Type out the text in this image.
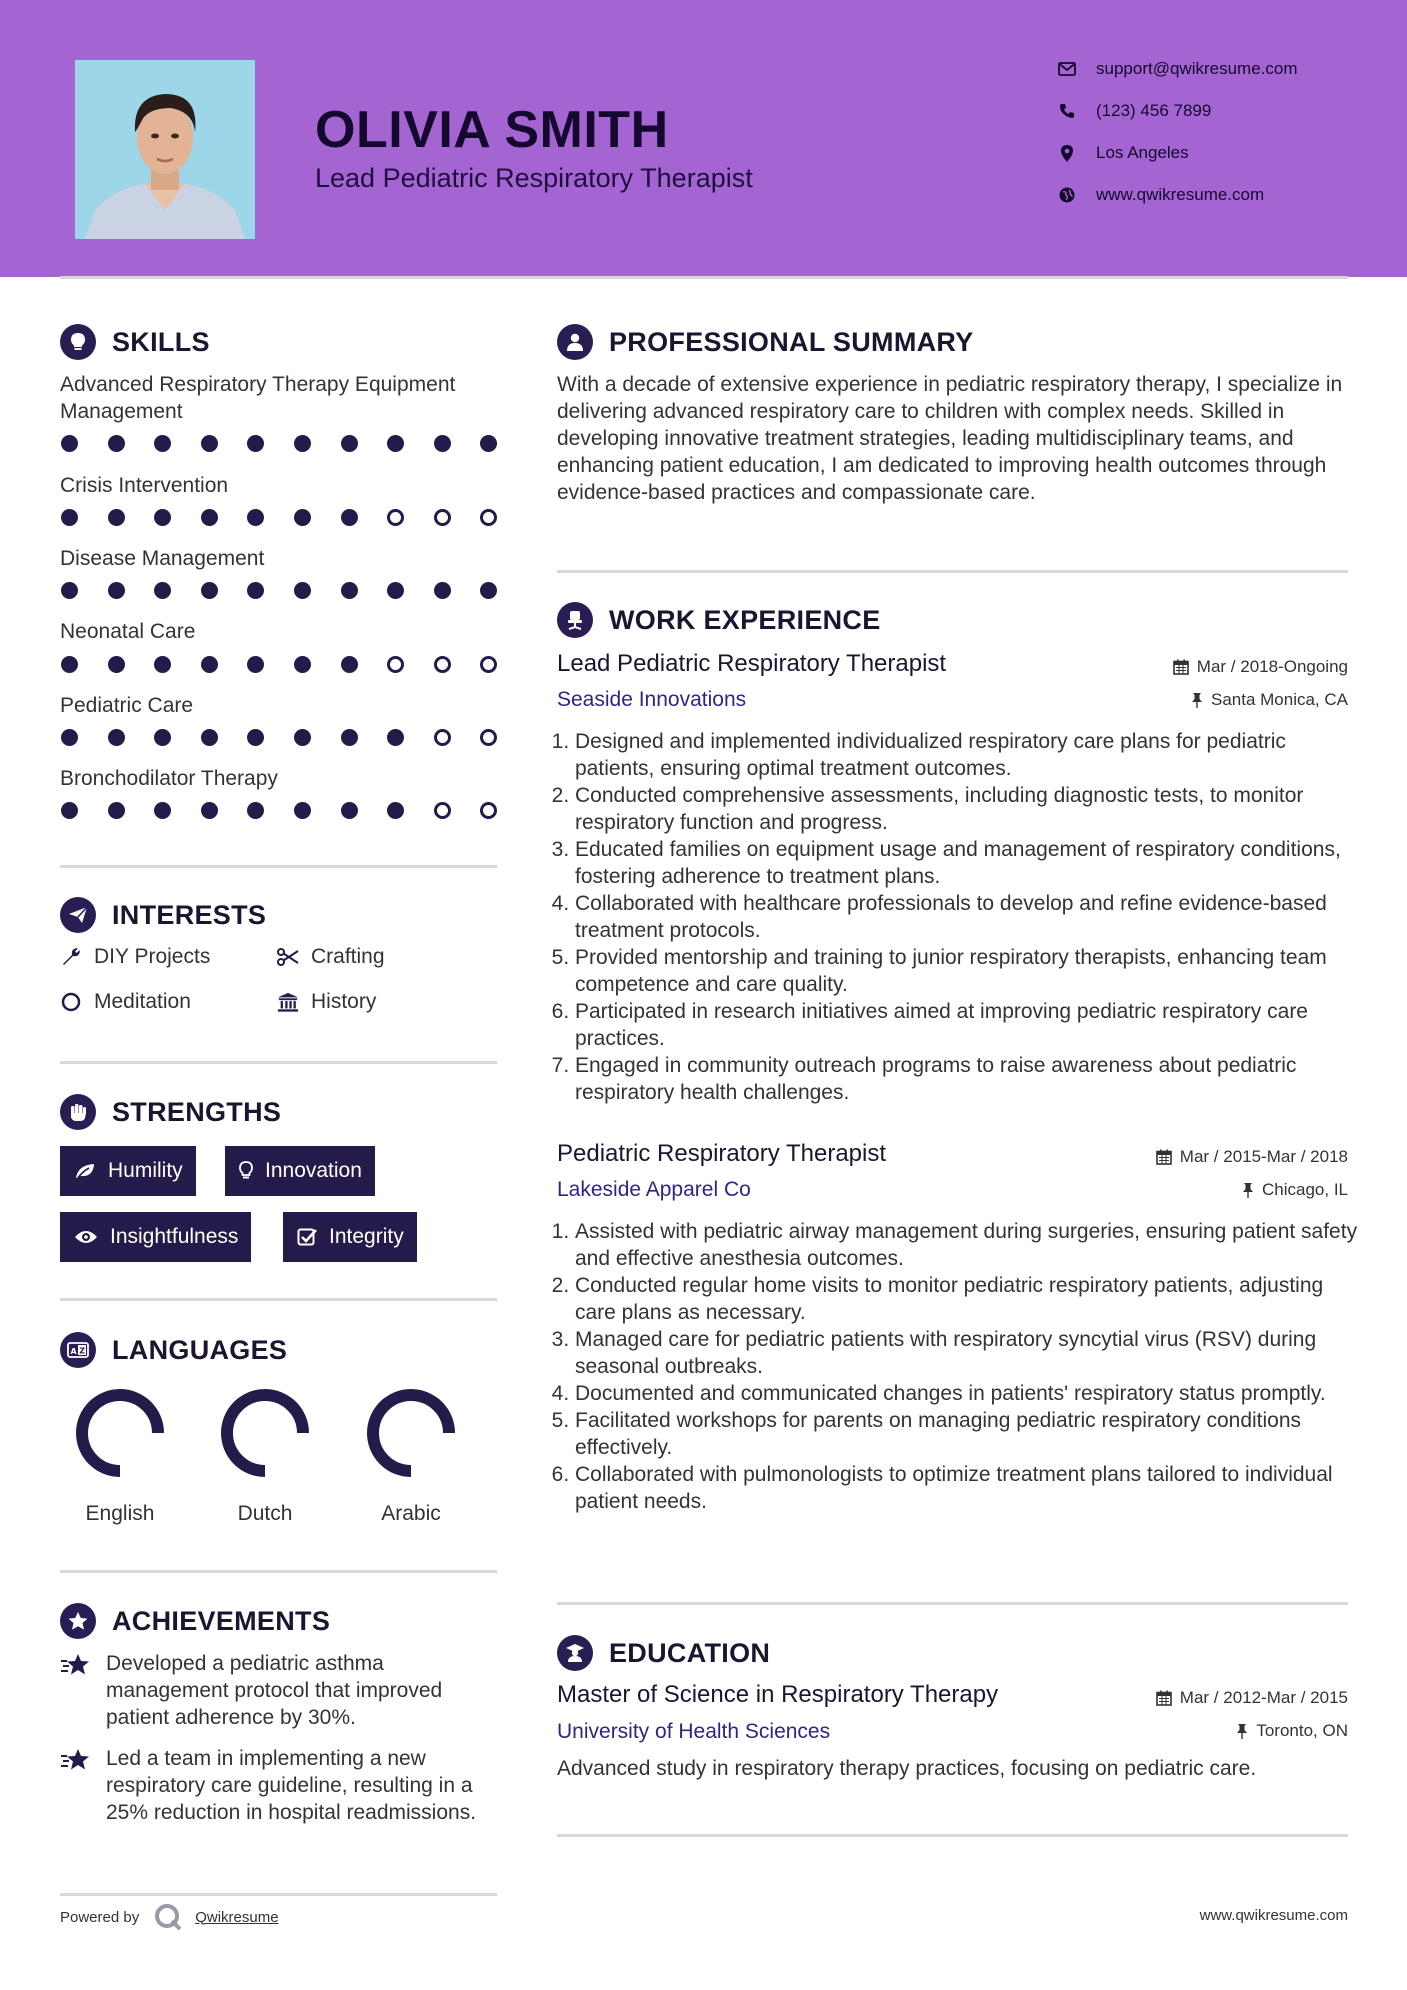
OLIVIA SMITH
Lead Pediatric Respiratory Therapist
support@qwikresume.com
(123) 456 7899
Los Angeles
www.qwikresume.com
SKILLS
Advanced Respiratory Therapy Equipment Management
Crisis Intervention
Disease Management
Neonatal Care
Pediatric Care
Bronchodilator Therapy
INTERESTS
DIY Projects	Crafting
Meditation	History
STRENGTHS
Humility	Innovation
Insightfulness	Integrity
A Z LANGUAGES
English	Dutch	Arabic
ACHIEVEMENTS
Developed a pediatric asthma management protocol that improved patient adherence by 30%.
Led a team in implementing a new respiratory care guideline, resulting in a 25% reduction in hospital readmissions.
Powered by	Qwikresume
PROFESSIONAL SUMMARY
With a decade of extensive experience in pediatric respiratory therapy, I specialize in delivering advanced respiratory care to children with complex needs. Skilled in developing innovative treatment strategies, leading multidisciplinary teams, and enhancing patient education, I am dedicated to improving health outcomes through evidence-based practices and compassionate care.
WORK EXPERIENCE
Lead Pediatric Respiratory Therapist	Mar / 2018-Ongoing
Seaside Innovations	Santa Monica, CA
1. Designed and implemented individualized respiratory care plans for pediatric patients, ensuring optimal treatment outcomes.
2. Conducted comprehensive assessments, including diagnostic tests, to monitor respiratory function and progress.
3. Educated families on equipment usage and management of respiratory conditions, fostering adherence to treatment plans.
4. Collaborated with healthcare professionals to develop and refine evidence-based treatment protocols.
5. Provided mentorship and training to junior respiratory therapists, enhancing team competence and care quality.
6. Participated in research initiatives aimed at improving pediatric respiratory care practices.
7. Engaged in community outreach programs to raise awareness about pediatric respiratory health challenges.
Pediatric Respiratory Therapist	Mar / 2015-Mar / 2018
Lakeside Apparel Co	Chicago, IL
1. Assisted with pediatric airway management during surgeries, ensuring patient safety and effective anesthesia outcomes.
2. Conducted regular home visits to monitor pediatric respiratory patients, adjusting care plans as necessary.
3. Managed care for pediatric patients with respiratory syncytial virus (RSV) during seasonal outbreaks.
4. Documented and communicated changes in patients' respiratory status promptly.
5. Facilitated workshops for parents on managing pediatric respiratory conditions effectively.
6. Collaborated with pulmonologists to optimize treatment plans tailored to individual patient needs.
EDUCATION
Master of Science in Respiratory Therapy	Mar / 2012-Mar / 2015
University of Health Sciences	Toronto, ON
Advanced study in respiratory therapy practices, focusing on pediatric care.
www.qwikresume.com
